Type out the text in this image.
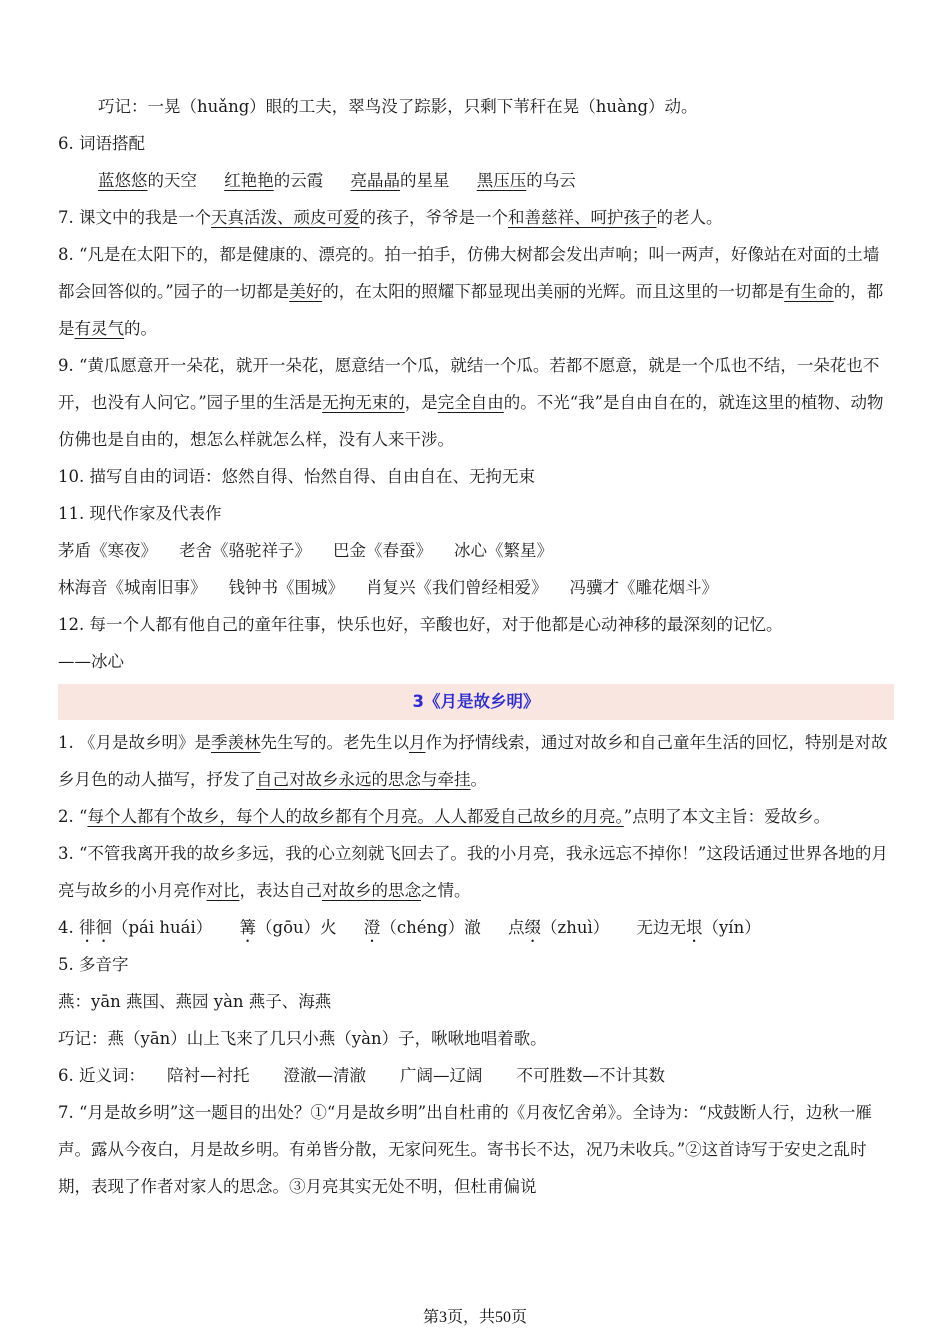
巧记：一晃（huǎng）眼的工夫，翠鸟没了踪影，只剩下苇秆在晃（huàng）动。
6. 词语搭配
蓝悠悠的天空 红艳艳的云霞 亮晶晶的星星 黑压压的乌云
7. 课文中的我是一个天真活泼、顽皮可爱的孩子，爷爷是一个和善慈祥、呵护孩子的老人。
8. “凡是在太阳下的，都是健康的、漂亮的。拍一拍手，仿佛大树都会发出声响；叫一两声，好像站在对面的土墙都会回答似的。”园子的一切都是美好的，在太阳的照耀下都显现出美丽的光辉。而且这里的一切都是有生命的，都是有灵气的。
9. “黄瓜愿意开一朵花，就开一朵花，愿意结一个瓜，就结一个瓜。若都不愿意，就是一个瓜也不结，一朵花也不开，也没有人问它。”园子里的生活是无拘无束的，是完全自由的。不光“我”是自由自在的，就连这里的植物、动物仿佛也是自由的，想怎么样就怎么样，没有人来干涉。
10. 描写自由的词语：悠然自得、怡然自得、自由自在、无拘无束
11. 现代作家及代表作
茅盾《寒夜》 老舍《骆驼祥子》 巴金《春蚕》 冰心《繁星》
林海音《城南旧事》 钱钟书《围城》 肖复兴《我们曾经相爱》 冯骥才《雕花烟斗》
12. 每一个人都有他自己的童年往事，快乐也好，辛酸也好，对于他都是心动神移的最深刻的记忆。
——冰心
3《月是故乡明》
1. 《月是故乡明》是季羡林先生写的。老先生以月作为抒情线索，通过对故乡和自己童年生活的回忆，特别是对故乡月色的动人描写，抒发了自己对故乡永远的思念与牵挂。
2. “每个人都有个故乡，每个人的故乡都有个月亮。人人都爱自己故乡的月亮。”点明了本文主旨：爱故乡。
3. “不管我离开我的故乡多远，我的心立刻就飞回去了。我的小月亮，我永远忘不掉你！”这段话通过世界各地的月亮与故乡的小月亮作对比，表达自己对故乡的思念之情。
4. 徘徊（pái huái） 篝（gōu）火 澄（chéng）澈 点缀（zhuì） 无边无垠（yín）
5. 多音字
燕：yān 燕国、燕园 yàn 燕子、海燕
巧记：燕（yān）山上飞来了几只小燕（yàn）子，啾啾地唱着歌。
6. 近义词： 陪衬—衬托 澄澈—清澈 广阔—辽阔 不可胜数—不计其数
7. “月是故乡明”这一题目的出处？①“月是故乡明”出自杜甫的《月夜忆舍弟》。全诗为：“戍鼓断人行，边秋一雁声。露从今夜白，月是故乡明。有弟皆分散，无家问死生。寄书长不达，况乃未收兵。”②这首诗写于安史之乱时期，表现了作者对家人的思念。③月亮其实无处不明，但杜甫偏说
第3页，共50页
